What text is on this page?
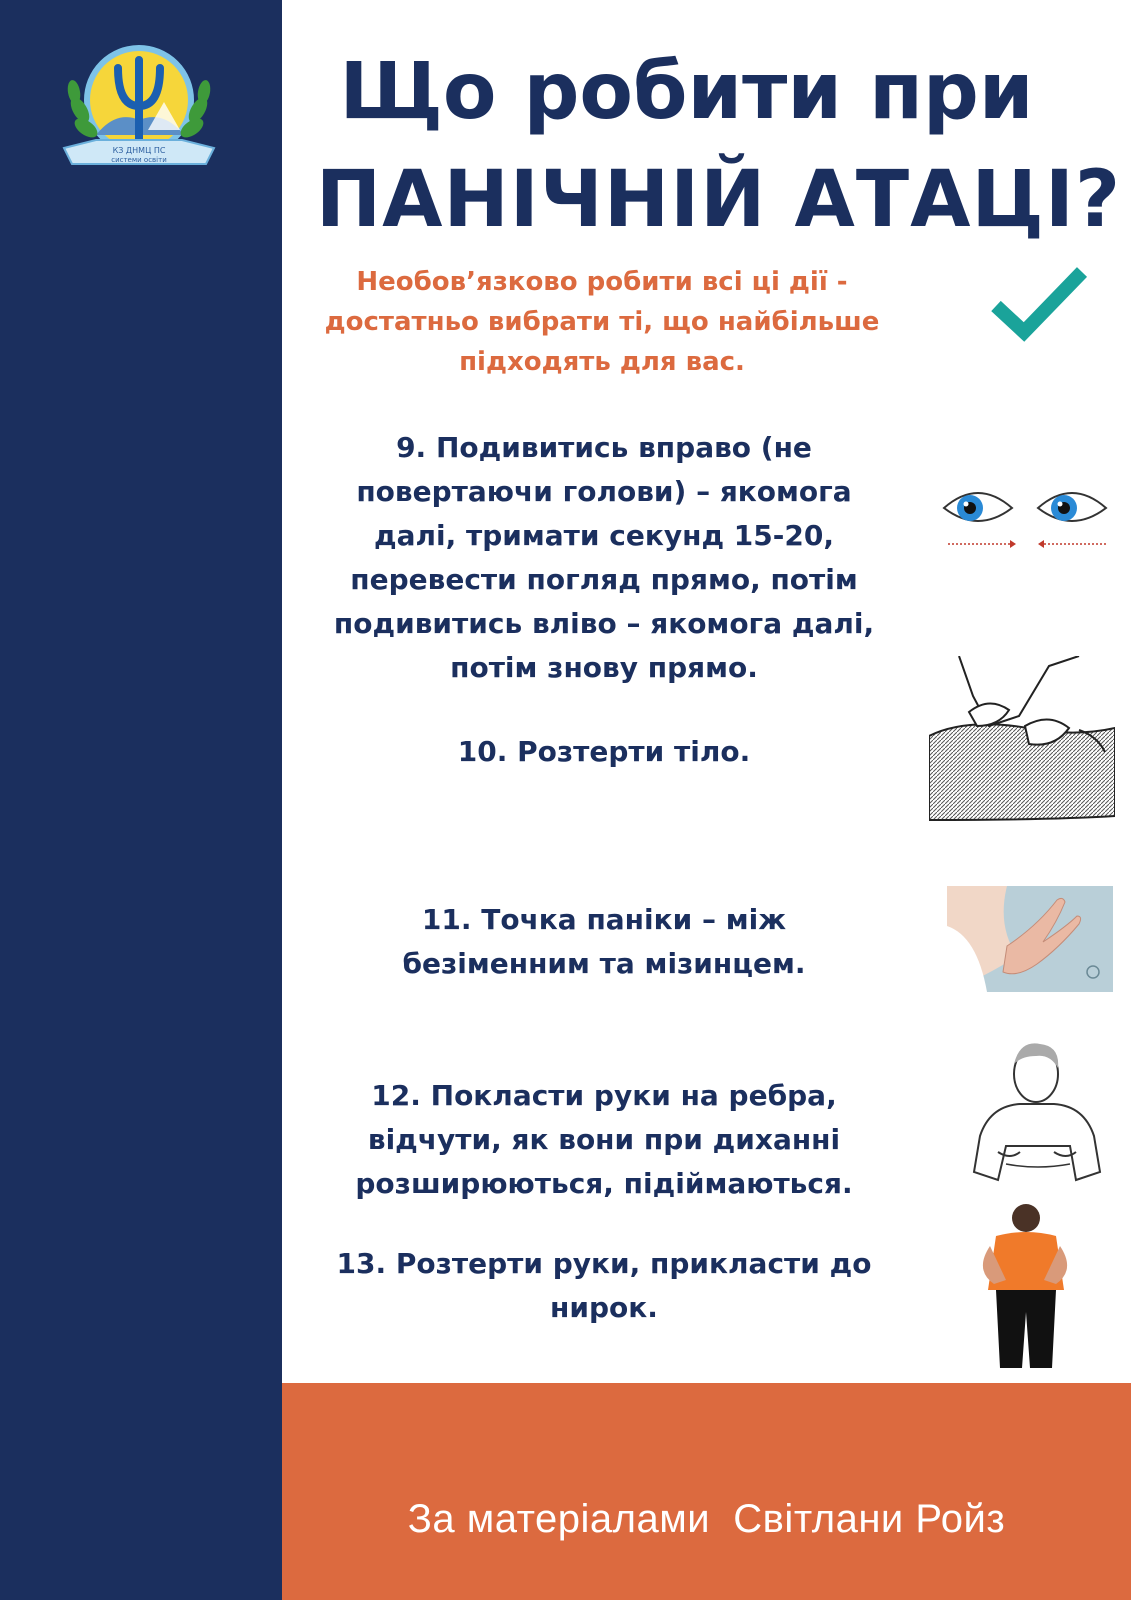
КЗ ДНМЦ ПС
системи освіти
Що робити при
ПАНІЧНІЙ АТАЦІ?
Необов’язково робити всі ці дії - достатньо вибрати ті, що найбільше підходять для вас.
9. Подивитись вправо (не
повертаючи голови) – якомога
далі, тримати секунд 15-20,
перевести погляд прямо, потім
подивитись вліво – якомога далі,
потім знову прямо.
10. Розтерти тіло.
11. Точка паніки – між
безіменним та мізинцем.
12. Покласти руки на ребра,
відчути, як вони при диханні
розширюються, підіймаються.
13. Розтерти руки, прикласти до
нирок.
За матеріалами  Світлани Ройз
